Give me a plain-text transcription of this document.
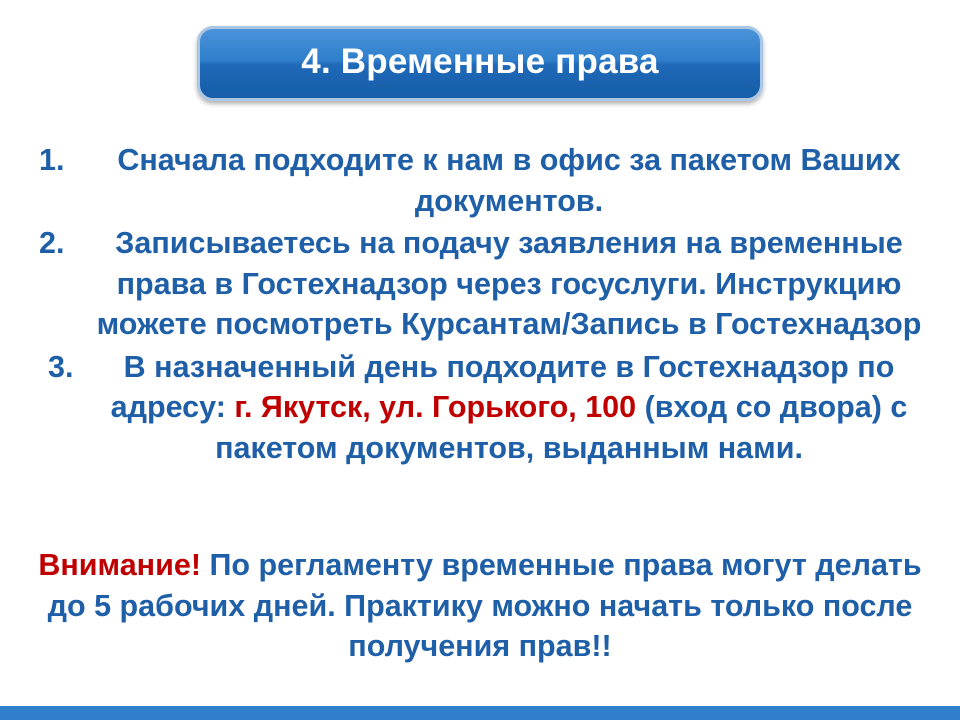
4. Временные права
1.	Сначала подходите к нам в офис за пакетом Ваших документов.
2.	Записываетесь на подачу заявления на временные права в Гостехнадзор через госуслуги. Инструкцию можете посмотреть Курсантам/Запись в Гостехнадзор
3.	В назначенный день подходите в Гостехнадзор по адресу: г. Якутск, ул. Горького, 100 (вход со двора) с пакетом документов, выданным нами.
Внимание! По регламенту временные права могут делать до 5 рабочих дней. Практику можно начать только после получения прав!!
